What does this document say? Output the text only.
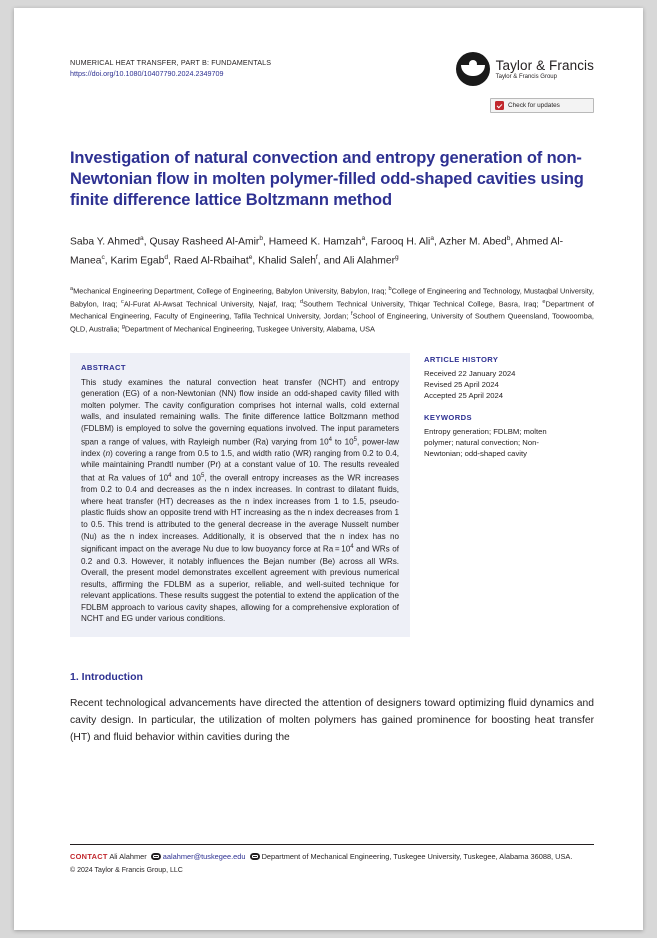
NUMERICAL HEAT TRANSFER, PART B: FUNDAMENTALS
https://doi.org/10.1080/10407790.2024.2349709
Taylor & Francis
Taylor & Francis Group
Check for updates
Investigation of natural convection and entropy generation of non-Newtonian flow in molten polymer-filled odd-shaped cavities using finite difference lattice Boltzmann method
Saba Y. Ahmed$^a$, Qusay Rasheed Al-Amir$^b$, Hameed K. Hamzah$^a$, Farooq H. Ali$^a$, Azher M. Abed$^b$, Ahmed Al-Manea$^c$, Karim Egab$^d$, Raed Al-Rbaihat$^e$, Khalid Saleh$^f$, and Ali Alahmer$^g$
$^a$Mechanical Engineering Department, College of Engineering, Babylon University, Babylon, Iraq; $^b$College of Engineering and Technology, Mustaqbal University, Babylon, Iraq; $^c$Al-Furat Al-Awsat Technical University, Najaf, Iraq; $^d$Southern Technical University, Thiqar Technical College, Basra, Iraq; $^e$Department of Mechanical Engineering, Faculty of Engineering, Tafila Technical University, Jordan; $^f$School of Engineering, University of Southern Queensland, Toowoomba, QLD, Australia; $^g$Department of Mechanical Engineering, Tuskegee University, Alabama, USA
ABSTRACT
This study examines the natural convection heat transfer (NCHT) and entropy generation (EG) of a non-Newtonian (NN) flow inside an odd-shaped cavity filled with molten polymer. The cavity configuration comprises hot internal walls, cold external walls, and insulated remaining walls. The finite difference lattice Boltzmann method (FDLBM) is employed to solve the governing equations involved. The input parameters span a range of values, with Rayleigh number (Ra) varying from $10^4$ to $10^5$, power-law index (n) covering a range from 0.5 to 1.5, and width ratio (WR) ranging from 0.2 to 0.4, while maintaining Prandtl number (Pr) at a constant value of 10. The results revealed that at Ra values of $10^4$ and $10^5$, the overall entropy increases as the WR increases from 0.2 to 0.4 and decreases as the n index increases. In contrast to dilatant fluids, where heat transfer (HT) decreases as the n index increases from 1 to 1.5, pseudo-plastic fluids show an opposite trend with HT increasing as the n index decreases from 1 to 0.5. This trend is attributed to the general decrease in the average Nusselt number (Nu) as the n index increases. Additionally, it is observed that the n index has no significant impact on the average Nu due to low buoyancy force at $Ra = 10^4$ and WRs of 0.2 and 0.3. However, it notably influences the Bejan number (Be) across all WRs. Overall, the present model demonstrates excellent agreement with previous numerical results, affirming the FDLBM as a superior, reliable, and well-suited technique for relevant applications. These results suggest the potential to extend the application of the FDLBM approach to various cavity shapes, allowing for a comprehensive exploration of NCHT and EG under various conditions.
ARTICLE HISTORY
Received 22 January 2024
Revised 25 April 2024
Accepted 25 April 2024
KEYWORDS
Entropy generation; FDLBM; molten polymer; natural convection; Non-Newtonian; odd-shaped cavity
1. Introduction
Recent technological advancements have directed the attention of designers toward optimizing fluid dynamics and cavity design. In particular, the utilization of molten polymers has gained prominence for boosting heat transfer (HT) and fluid behavior within cavities during the
CONTACT Ali Alahmer aalahmer@tuskegee.edu Department of Mechanical Engineering, Tuskegee University, Tuskegee, Alabama 36088, USA.
© 2024 Taylor & Francis Group, LLC
